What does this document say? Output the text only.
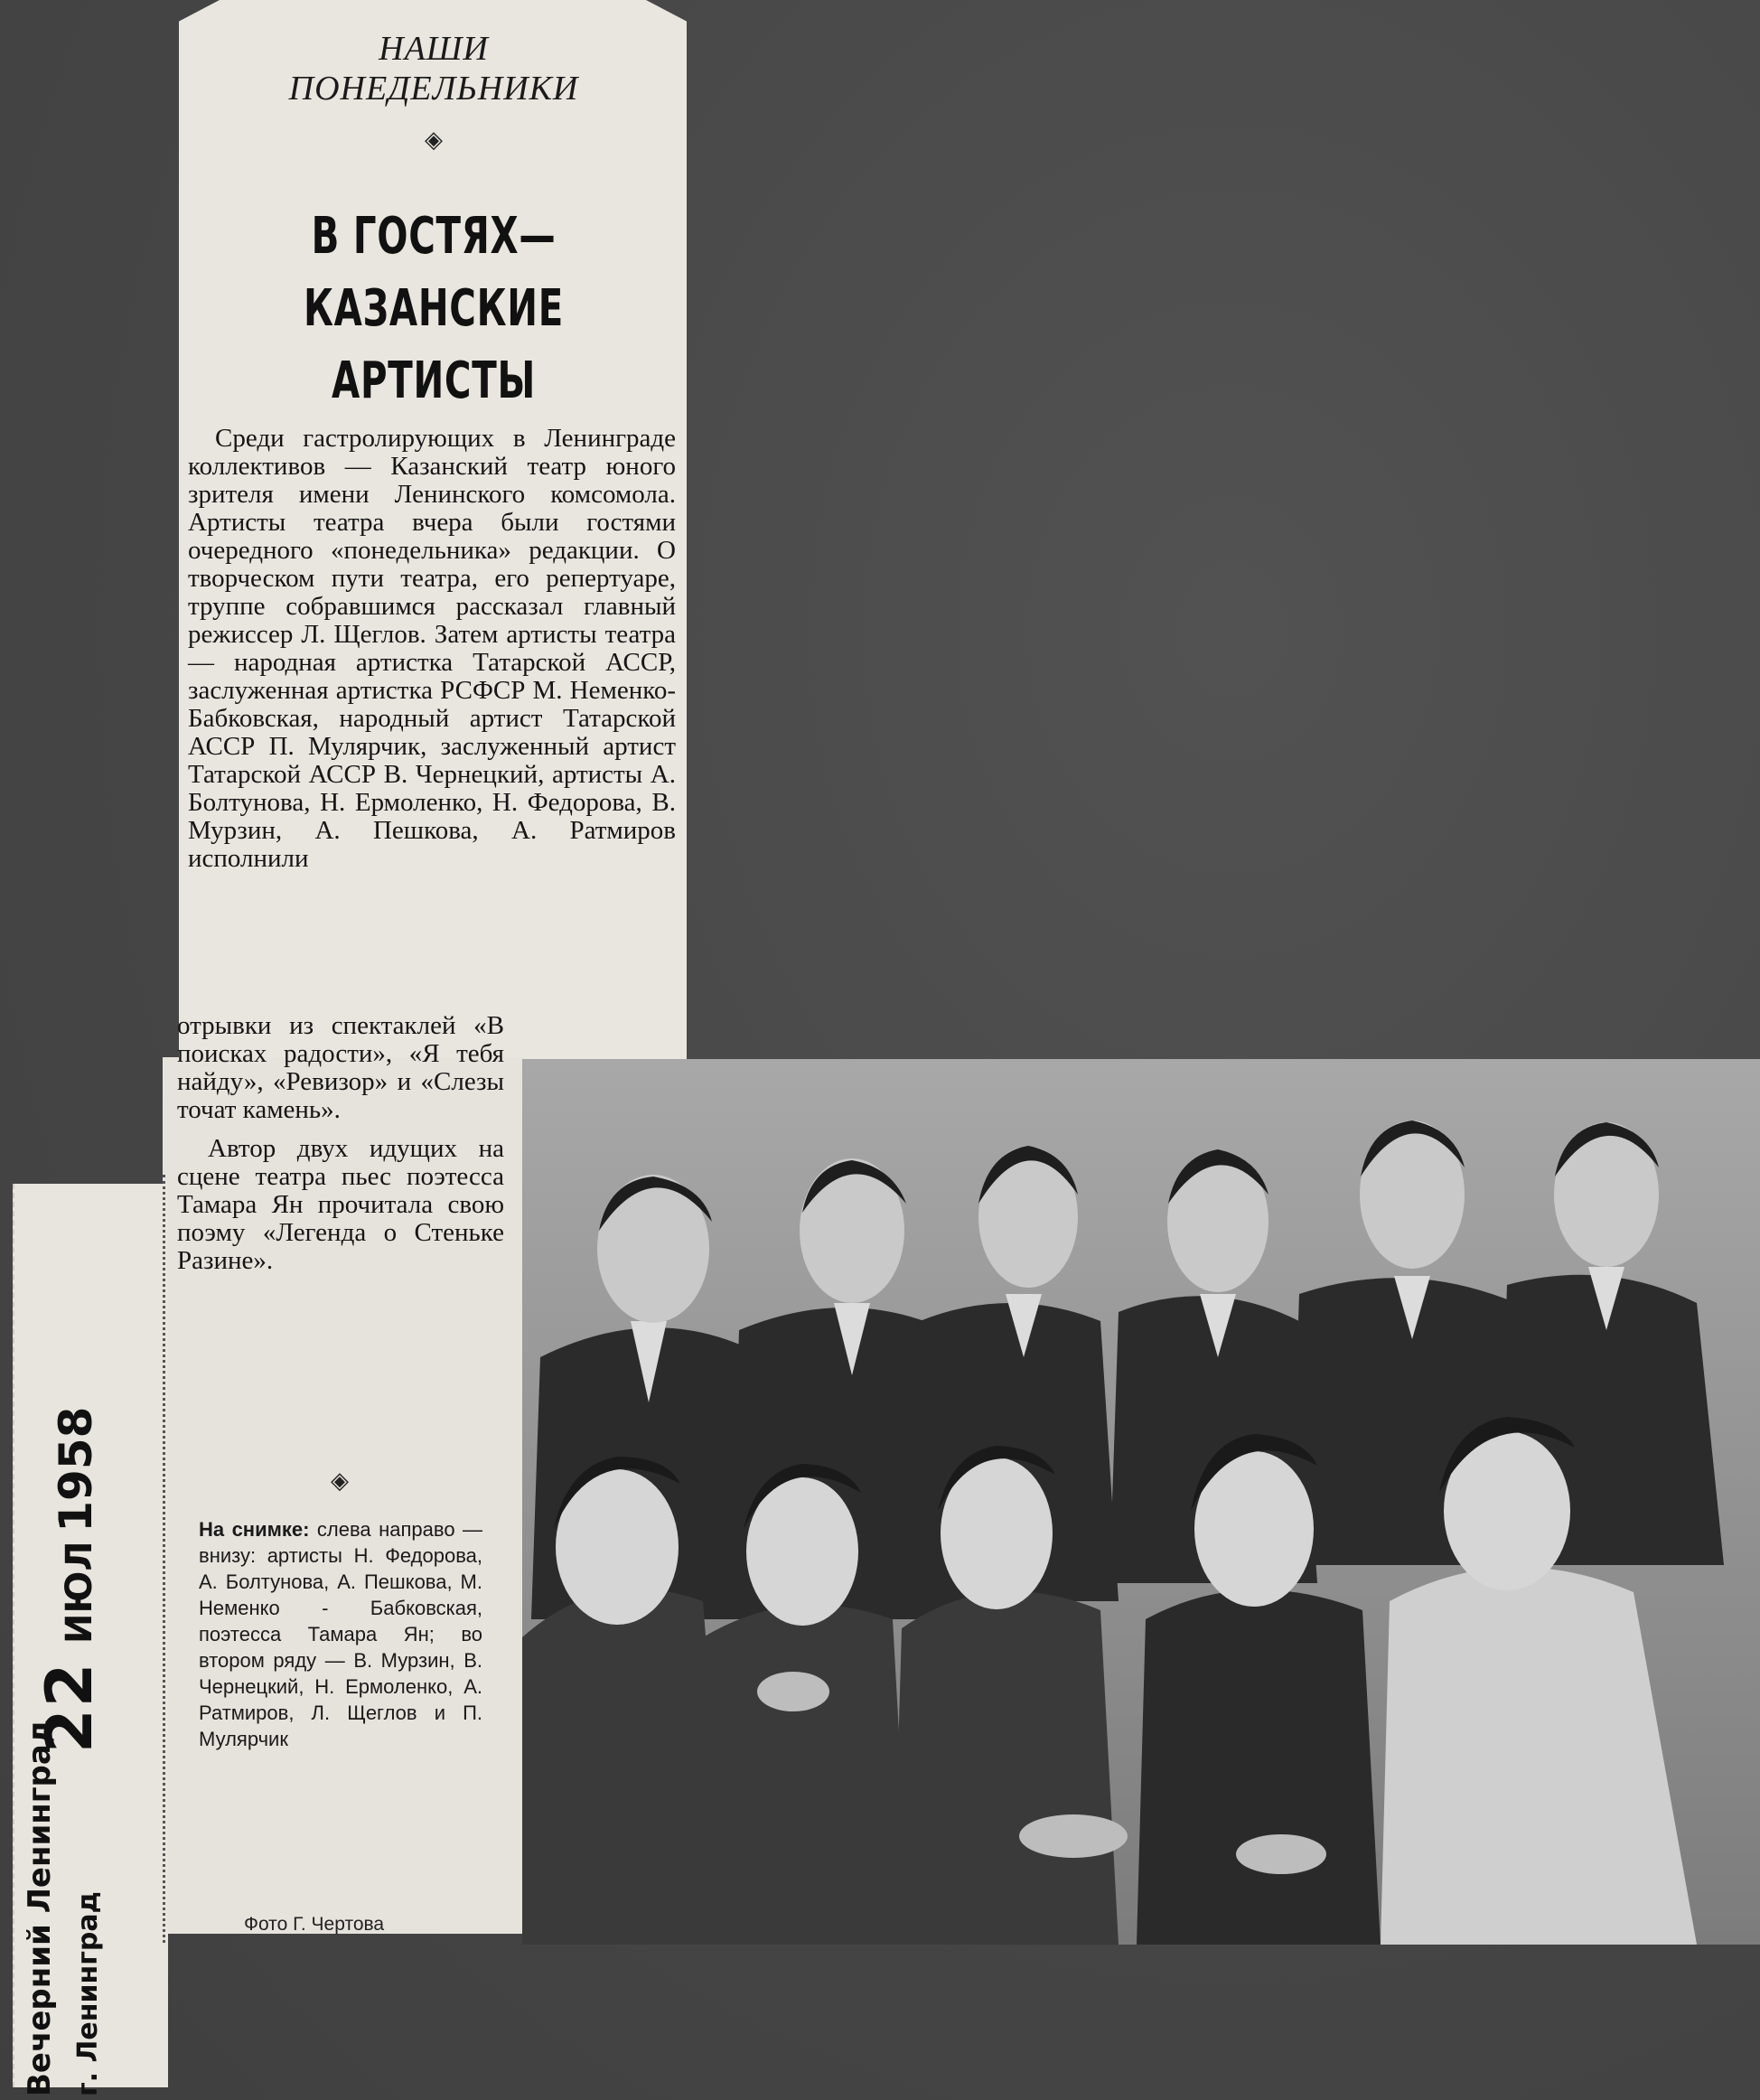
НАШИ
ПОНЕДЕЛЬНИКИ
◈
В ГОСТЯХ—
КАЗАНСКИЕ
АРТИСТЫ
Среди гастролирующих в Ленинграде коллективов — Казанский театр юного зрителя имени Ленинского комсомола. Артисты театра вчера были гостями очередного «понедельника» редакции. О творческом пути театра, его репертуаре, труппе собравшимся рассказал главный режиссер Л. Щеглов. Затем артисты театра — народная артистка Татарской АССР, заслуженная артистка РСФСР М. Неменко-Бабковская, народный артист Татарской АССР П. Мулярчик, заслуженный артист Татарской АССР В. Чернецкий, артисты А. Болтунова, Н. Ермоленко, Н. Федорова, В. Мурзин, А. Пешкова, А. Ратмиров исполнили

отрывки из спектаклей «В поисках радости», «Я тебя найду», «Ревизор» и «Слезы точат камень».

Автор двух идущих на сцене театра пьес поэтесса Тамара Ян прочитала свою поэму «Легенда о Стеньке Разине».

◈
На снимке: слева направо — внизу: артисты Н. Федорова, А. Болтунова, А. Пешкова, М. Неменко - Бабковская, поэтесса Тамара Ян; во втором ряду — В. Мурзин, В. Чернецкий, Н. Ермоленко, А. Ратмиров, Л. Щеглов и П. Мулярчик
Фото Г. Чертова
22 ИЮЛ 1958
Вечерний Ленинград г. Ленинград
